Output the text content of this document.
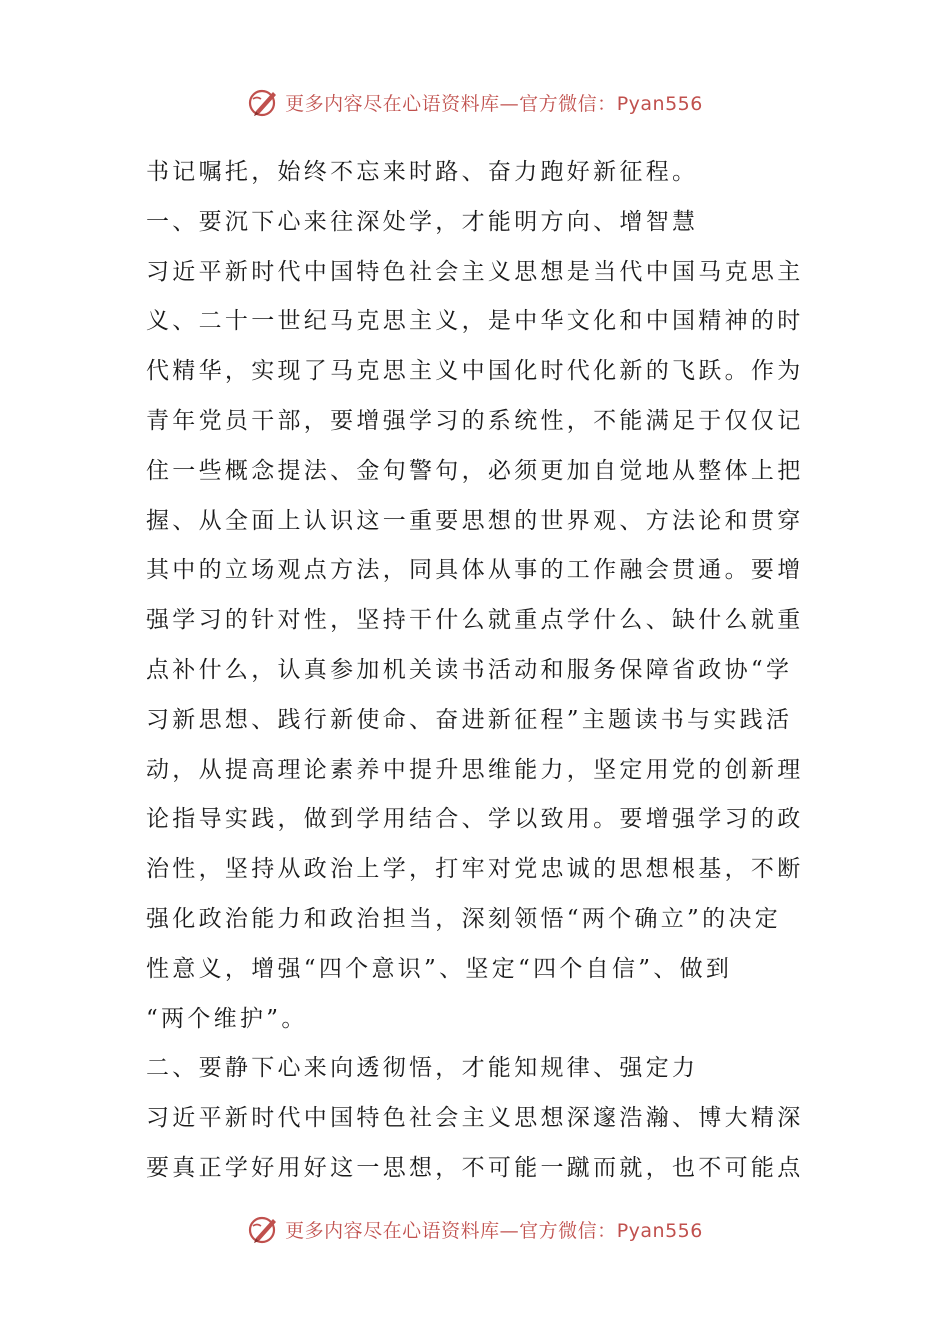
更多内容尽在心语资料库—官方微信：Pyan556
书记嘱托，始终不忘来时路、奋力跑好新征程。
一、要沉下心来往深处学，才能明方向、增智慧
习近平新时代中国特色社会主义思想是当代中国马克思主
义、二十一世纪马克思主义，是中华文化和中国精神的时
代精华，实现了马克思主义中国化时代化新的飞跃。作为
青年党员干部，要增强学习的系统性，不能满足于仅仅记
住一些概念提法、金句警句，必须更加自觉地从整体上把
握、从全面上认识这一重要思想的世界观、方法论和贯穿
其中的立场观点方法，同具体从事的工作融会贯通。要增
强学习的针对性，坚持干什么就重点学什么、缺什么就重
点补什么，认真参加机关读书活动和服务保障省政协“学
习新思想、践行新使命、奋进新征程”主题读书与实践活
动，从提高理论素养中提升思维能力，坚定用党的创新理
论指导实践，做到学用结合、学以致用。要增强学习的政
治性，坚持从政治上学，打牢对党忠诚的思想根基，不断
强化政治能力和政治担当，深刻领悟“两个确立”的决定
性意义，增强“四个意识”、坚定“四个自信”、做到
“两个维护”。
二、要静下心来向透彻悟，才能知规律、强定力
习近平新时代中国特色社会主义思想深邃浩瀚、博大精深
要真正学好用好这一思想，不可能一蹴而就，也不可能点
更多内容尽在心语资料库—官方微信：Pyan556
